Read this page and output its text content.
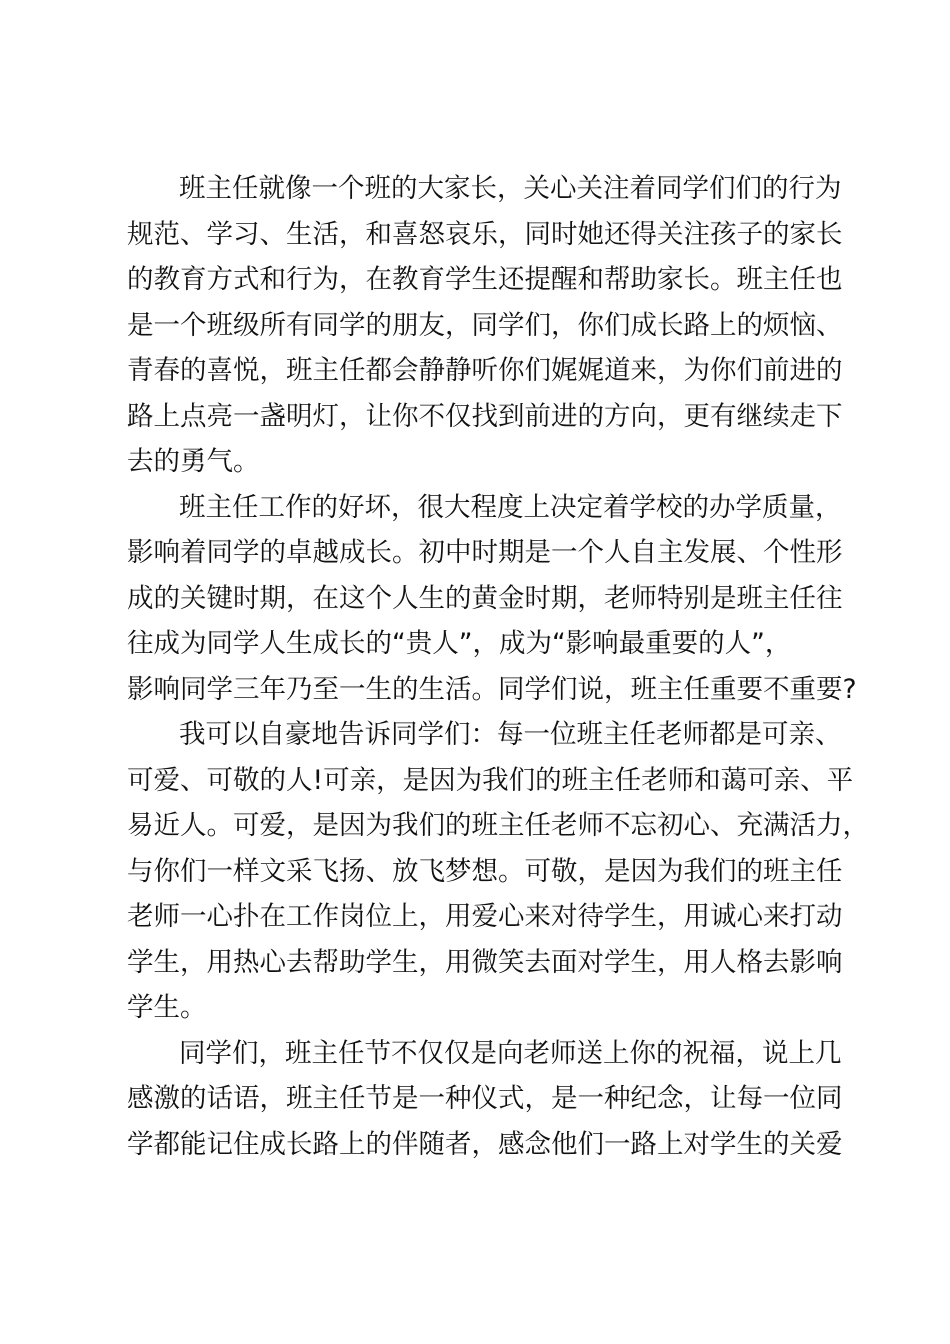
班主任就像一个班的大家长，关心关注着同学们们的行为
规范、学习、生活，和喜怒哀乐，同时她还得关注孩子的家长
的教育方式和行为，在教育学生还提醒和帮助家长。班主任也
是一个班级所有同学的朋友，同学们，你们成长路上的烦恼、
青春的喜悦，班主任都会静静听你们娓娓道来，为你们前进的
路上点亮一盏明灯，让你不仅找到前进的方向，更有继续走下
去的勇气。
班主任工作的好坏，很大程度上决定着学校的办学质量，
影响着同学的卓越成长。初中时期是一个人自主发展、个性形
成的关键时期，在这个人生的黄金时期，老师特别是班主任往
往成为同学人生成长的“贵人”，成为“影响最重要的人”，
影响同学三年乃至一生的生活。同学们说，班主任重要不重要?
我可以自豪地告诉同学们：每一位班主任老师都是可亲、
可爱、可敬的人!可亲，是因为我们的班主任老师和蔼可亲、平
易近人。可爱，是因为我们的班主任老师不忘初心、充满活力，
与你们一样文采飞扬、放飞梦想。可敬，是因为我们的班主任
老师一心扑在工作岗位上，用爱心来对待学生，用诚心来打动
学生，用热心去帮助学生，用微笑去面对学生，用人格去影响
学生。
同学们，班主任节不仅仅是向老师送上你的祝福，说上几
感激的话语，班主任节是一种仪式，是一种纪念，让每一位同
学都能记住成长路上的伴随者，感念他们一路上对学生的关爱
